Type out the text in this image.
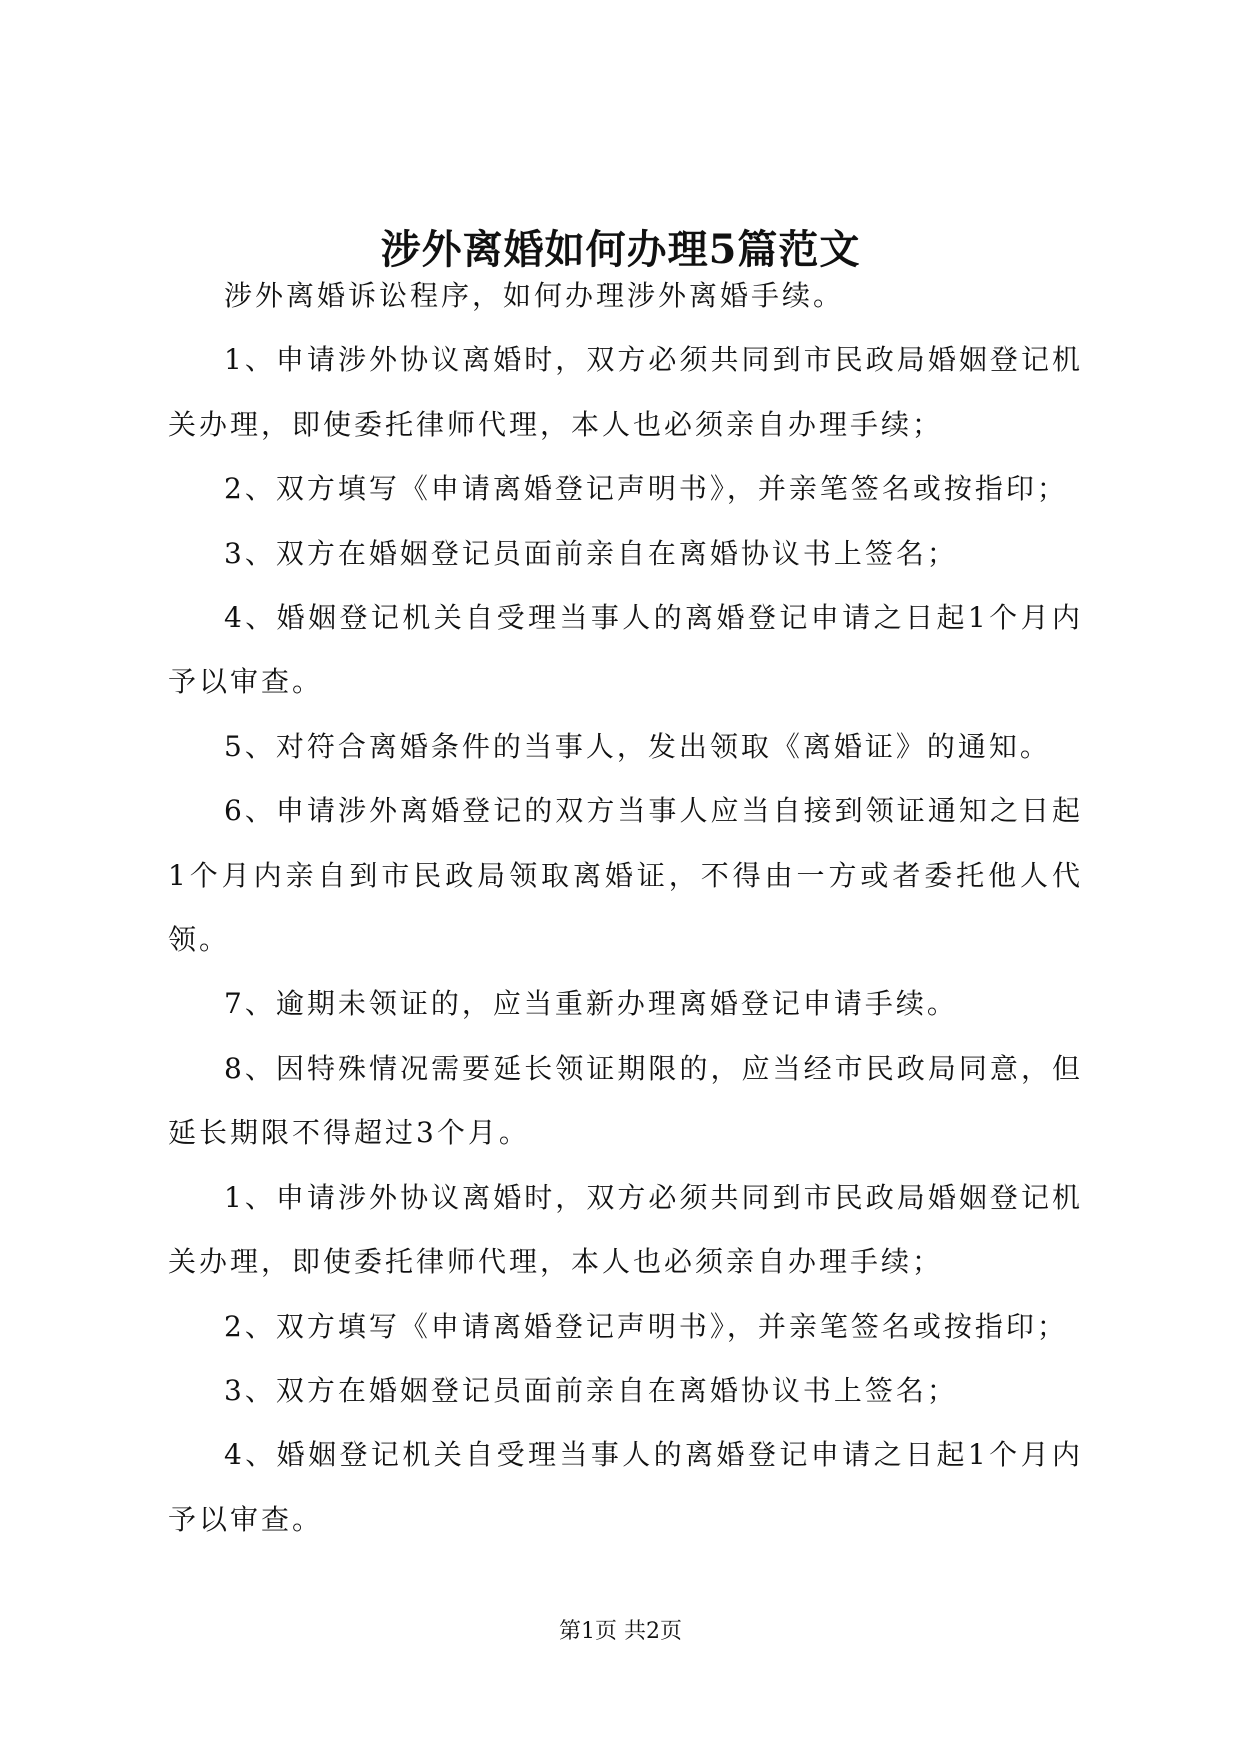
涉外离婚如何办理5篇范文

涉外离婚诉讼程序，如何办理涉外离婚手续。

1、申请涉外协议离婚时，双方必须共同到市民政局婚姻登记机关办理，即使委托律师代理，本人也必须亲自办理手续；

2、双方填写《申请离婚登记声明书》，并亲笔签名或按指印；

3、双方在婚姻登记员面前亲自在离婚协议书上签名；

4、婚姻登记机关自受理当事人的离婚登记申请之日起1个月内予以审查。

5、对符合离婚条件的当事人，发出领取《离婚证》的通知。

6、申请涉外离婚登记的双方当事人应当自接到领证通知之日起1个月内亲自到市民政局领取离婚证，不得由一方或者委托他人代领。

7、逾期未领证的，应当重新办理离婚登记申请手续。

8、因特殊情况需要延长领证期限的，应当经市民政局同意，但延长期限不得超过3个月。

1、申请涉外协议离婚时，双方必须共同到市民政局婚姻登记机关办理，即使委托律师代理，本人也必须亲自办理手续；

2、双方填写《申请离婚登记声明书》，并亲笔签名或按指印；

3、双方在婚姻登记员面前亲自在离婚协议书上签名；

4、婚姻登记机关自受理当事人的离婚登记申请之日起1个月内予以审查。

第1页 共2页
